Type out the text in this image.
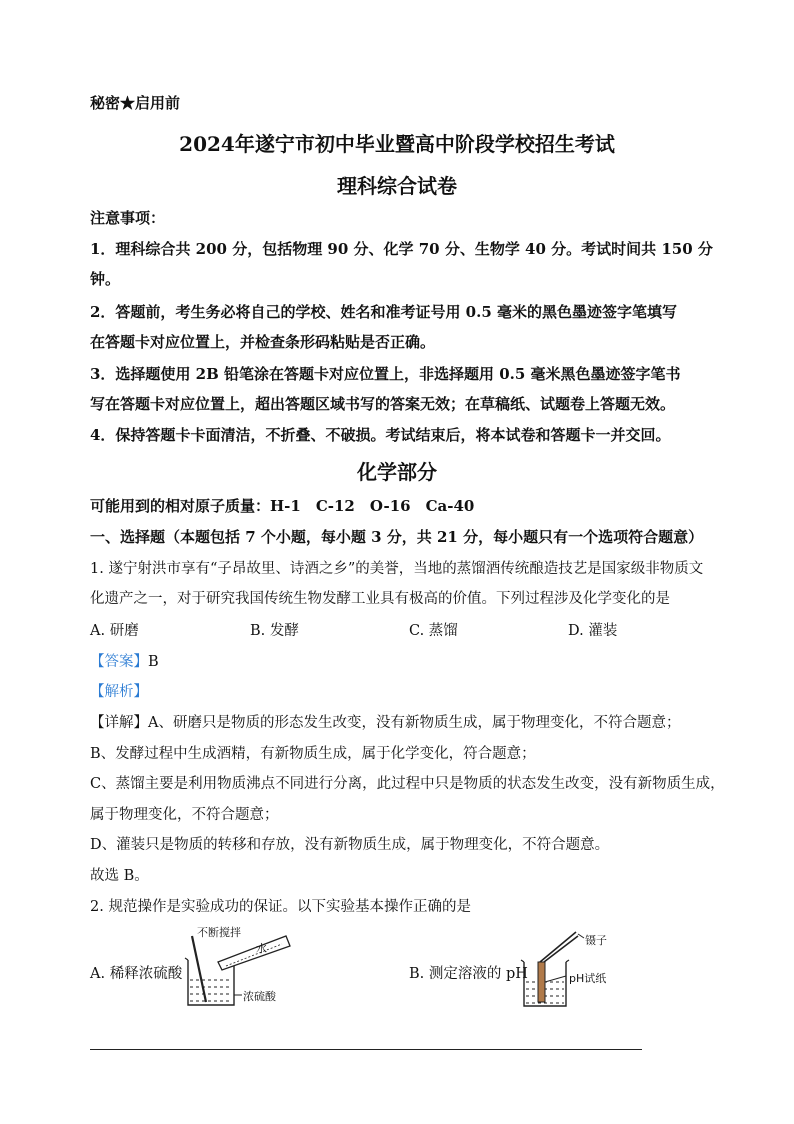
秘密★启用前
2024年遂宁市初中毕业暨高中阶段学校招生考试
理科综合试卷
注意事项：
1．理科综合共 200 分，包括物理 90 分、化学 70 分、生物学 40 分。考试时间共 150 分
钟。
2．答题前，考生务必将自己的学校、姓名和准考证号用 0.5 毫米的黑色墨迹签字笔填写
在答题卡对应位置上，并检查条形码粘贴是否正确。
3．选择题使用 2B 铅笔涂在答题卡对应位置上，非选择题用 0.5 毫米黑色墨迹签字笔书
写在答题卡对应位置上，超出答题区域书写的答案无效；在草稿纸、试题卷上答题无效。
4．保持答题卡卡面清洁，不折叠、不破损。考试结束后，将本试卷和答题卡一并交回。
化学部分
可能用到的相对原子质量：H-1　C-12　O-16　Ca-40
一、选择题（本题包括 7 个小题，每小题 3 分，共 21 分，每小题只有一个选项符合题意）
1. 遂宁射洪市享有“子昂故里、诗酒之乡”的美誉，当地的蒸馏酒传统酿造技艺是国家级非物质文
化遗产之一，对于研究我国传统生物发酵工业具有极高的价值。下列过程涉及化学变化的是
A. 研磨	B. 发酵	C. 蒸馏	D. 灌装
【答案】B
【解析】
【详解】A、研磨只是物质的形态发生改变，没有新物质生成，属于物理变化，不符合题意；
B、发酵过程中生成酒精，有新物质生成，属于化学变化，符合题意；
C、蒸馏主要是利用物质沸点不同进行分离，此过程中只是物质的状态发生改变，没有新物质生成，
属于物理变化，不符合题意；
D、灌装只是物质的转移和存放，没有新物质生成，属于物理变化，不符合题意。
故选 B。
2. 规范操作是实验成功的保证。以下实验基本操作正确的是
A. 稀释浓硫酸
不断搅拌
水
浓硫酸
B. 测定溶液的 pH
镊子
pH试纸
